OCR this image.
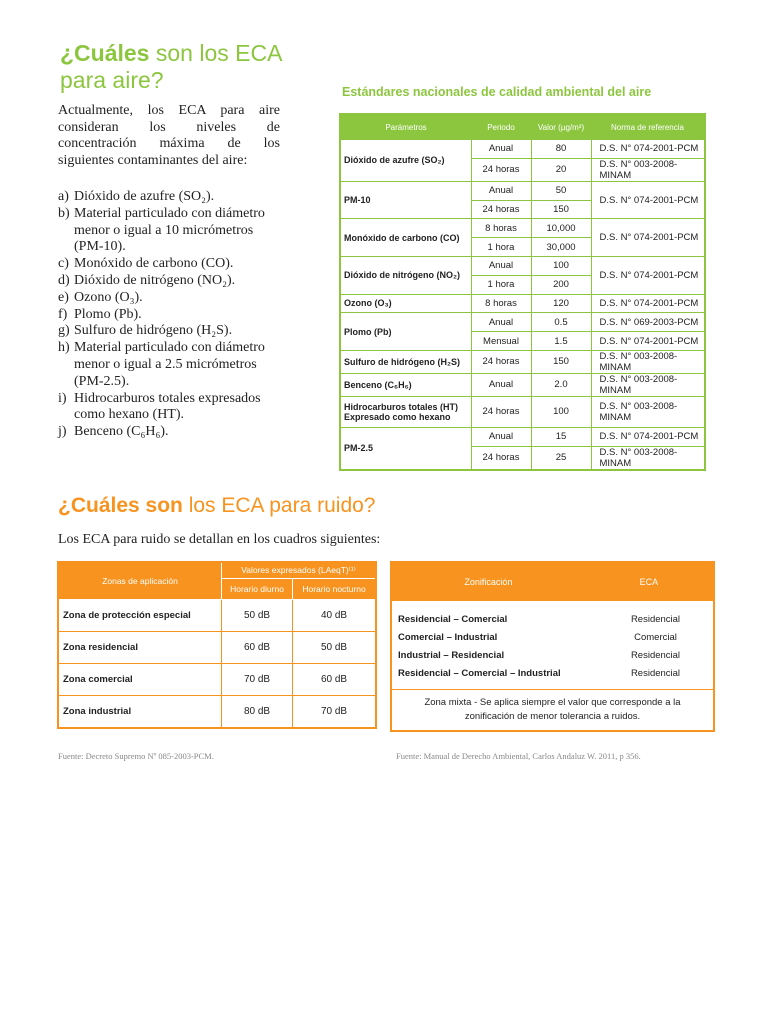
¿Cuáles son los ECA para aire?
Actualmente, los ECA para aire consideran los niveles de concentración máxima de los siguientes contaminantes del aire:
a) Dióxido de azufre (SO₂).
b) Material particulado con diámetro menor o igual a 10 micrómetros (PM-10).
c) Monóxido de carbono (CO).
d) Dióxido de nitrógeno (NO₂).
e) Ozono (O₃).
f) Plomo (Pb).
g) Sulfuro de hidrógeno (H₂S).
h) Material particulado con diámetro menor o igual a 2.5 micrómetros (PM-2.5).
i) Hidrocarburos totales expresados como hexano (HT).
j) Benceno (C₆H₆).
Estándares nacionales de calidad ambiental del aire
Parámetros	Periodo	Valor (µg/m³)	Norma de referencia
Dióxido de azufre (SO₂)	Anual	80	D.S. N° 074-2001-PCM
	24 horas	20	D.S. N° 003-2008-MINAM
PM-10	Anual	50	D.S. N° 074-2001-PCM
	24 horas	150	
Monóxido de carbono (CO)	8 horas	10,000	D.S. N° 074-2001-PCM
	1 hora	30,000	
Dióxido de nitrógeno (NO₂)	Anual	100	D.S. N° 074-2001-PCM
	1 hora	200	
Ozono (O₃)	8 horas	120	D.S. N° 074-2001-PCM
Plomo (Pb)	Anual	0.5	D.S. N° 069-2003-PCM
	Mensual	1.5	D.S. N° 074-2001-PCM
Sulfuro de hidrógeno (H₂S)	24 horas	150	D.S. N° 003-2008-MINAM
Benceno (C₆H₆)	Anual	2.0	D.S. N° 003-2008-MINAM
Hidrocarburos totales (HT) Expresado como hexano	24 horas	100	D.S. N° 003-2008-MINAM
PM-2.5	Anual	15	D.S. N° 074-2001-PCM
	24 horas	25	D.S. N° 003-2008-MINAM
¿Cuáles son los ECA para ruido?
Los ECA para ruido se detallan en los cuadros siguientes:
Zonas de aplicación	Valores expresados (LAeqT)⁽¹⁾	
	Horario diurno	Horario nocturno
Zona de protección especial	50 dB	40 dB
Zona residencial	60 dB	50 dB
Zona comercial	70 dB	60 dB
Zona industrial	80 dB	70 dB
Fuente: Decreto Supremo Nº 085-2003-PCM.
Zonificación	ECA

Residencial – Comercial	Residencial
Comercial – Industrial	Comercial
Industrial – Residencial	Residencial
Residencial – Comercial – Industrial	Residencial

Zona mixta - Se aplica siempre el valor que corresponde a la zonificación de menor tolerancia a ruidos.
Fuente: Manual de Derecho Ambiental, Carlos Andaluz W. 2011, p 356.
